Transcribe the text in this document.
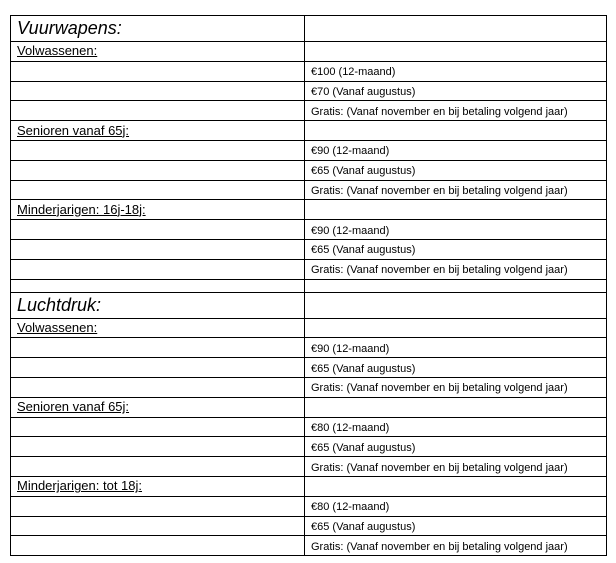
Vuurwapens:	
Volwassenen:	
	€100 (12-maand)
	€70 (Vanaf augustus)
	Gratis: (Vanaf november en bij betaling volgend jaar)
Senioren vanaf 65j:	
	€90 (12-maand)
	€65 (Vanaf augustus)
	Gratis: (Vanaf november en bij betaling volgend jaar)
Minderjarigen: 16j-18j:	
	€90 (12-maand)
	€65 (Vanaf augustus)
	Gratis: (Vanaf november en bij betaling volgend jaar)

Luchtdruk:	
Volwassenen:	
	€90 (12-maand)
	€65 (Vanaf augustus)
	Gratis: (Vanaf november en bij betaling volgend jaar)
Senioren vanaf 65j:	
	€80 (12-maand)
	€65 (Vanaf augustus)
	Gratis: (Vanaf november en bij betaling volgend jaar)
Minderjarigen: tot 18j:	
	€80 (12-maand)
	€65 (Vanaf augustus)
	Gratis: (Vanaf november en bij betaling volgend jaar)
